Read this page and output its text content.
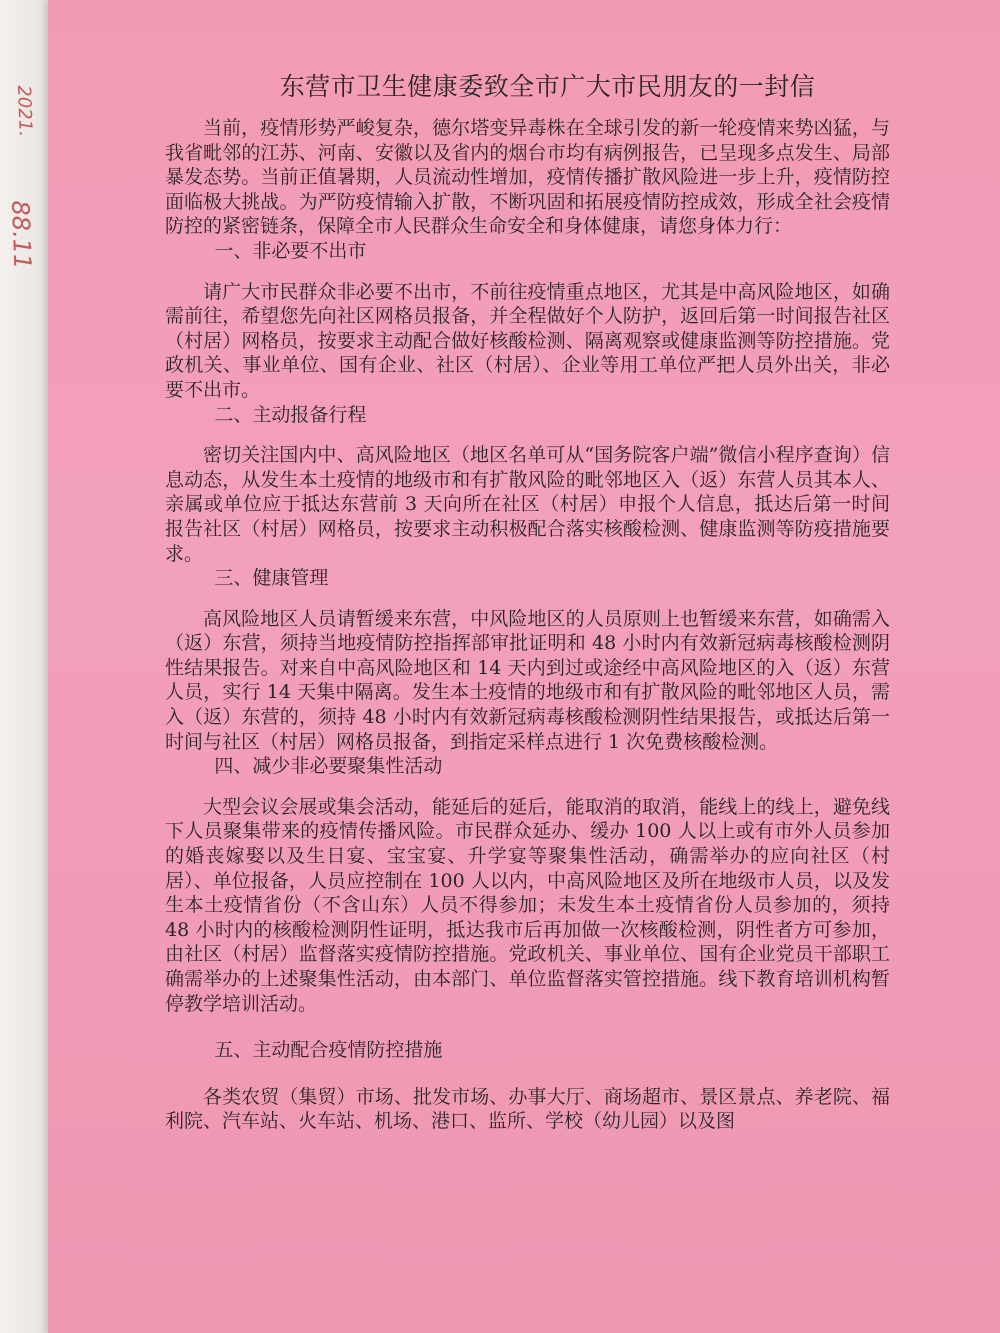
2021.
88.11
东营市卫生健康委致全市广大市民朋友的一封信

当前，疫情形势严峻复杂，德尔塔变异毒株在全球引发的新一轮疫情来势凶猛，与我省毗邻的江苏、河南、安徽以及省内的烟台市均有病例报告，已呈现多点发生、局部暴发态势。当前正值暑期，人员流动性增加，疫情传播扩散风险进一步上升，疫情防控面临极大挑战。为严防疫情输入扩散，不断巩固和拓展疫情防控成效，形成全社会疫情防控的紧密链条，保障全市人民群众生命安全和身体健康，请您身体力行：

一、非必要不出市

请广大市民群众非必要不出市，不前往疫情重点地区，尤其是中高风险地区，如确需前往，希望您先向社区网格员报备，并全程做好个人防护，返回后第一时间报告社区（村居）网格员，按要求主动配合做好核酸检测、隔离观察或健康监测等防控措施。党政机关、事业单位、国有企业、社区（村居）、企业等用工单位严把人员外出关，非必要不出市。

二、主动报备行程

密切关注国内中、高风险地区（地区名单可从“国务院客户端”微信小程序查询）信息动态，从发生本土疫情的地级市和有扩散风险的毗邻地区入（返）东营人员其本人、亲属或单位应于抵达东营前 3 天向所在社区（村居）申报个人信息，抵达后第一时间报告社区（村居）网格员，按要求主动积极配合落实核酸检测、健康监测等防疫措施要求。

三、健康管理

高风险地区人员请暂缓来东营，中风险地区的人员原则上也暂缓来东营，如确需入（返）东营，须持当地疫情防控指挥部审批证明和 48 小时内有效新冠病毒核酸检测阴性结果报告。对来自中高风险地区和 14 天内到过或途经中高风险地区的入（返）东营人员，实行 14 天集中隔离。发生本土疫情的地级市和有扩散风险的毗邻地区人员，需入（返）东营的，须持 48 小时内有效新冠病毒核酸检测阴性结果报告，或抵达后第一时间与社区（村居）网格员报备，到指定采样点进行 1 次免费核酸检测。

四、减少非必要聚集性活动

大型会议会展或集会活动，能延后的延后，能取消的取消，能线上的线上，避免线下人员聚集带来的疫情传播风险。市民群众延办、缓办 100 人以上或有市外人员参加的婚丧嫁娶以及生日宴、宝宝宴、升学宴等聚集性活动，确需举办的应向社区（村居）、单位报备，人员应控制在 100 人以内，中高风险地区及所在地级市人员，以及发生本土疫情省份（不含山东）人员不得参加；未发生本土疫情省份人员参加的，须持 48 小时内的核酸检测阴性证明，抵达我市后再加做一次核酸检测，阴性者方可参加，由社区（村居）监督落实疫情防控措施。党政机关、事业单位、国有企业党员干部职工确需举办的上述聚集性活动，由本部门、单位监督落实管控措施。线下教育培训机构暂停教学培训活动。

五、主动配合疫情防控措施

各类农贸（集贸）市场、批发市场、办事大厅、商场超市、景区景点、养老院、福利院、汽车站、火车站、机场、港口、监所、学校（幼儿园）以及图
